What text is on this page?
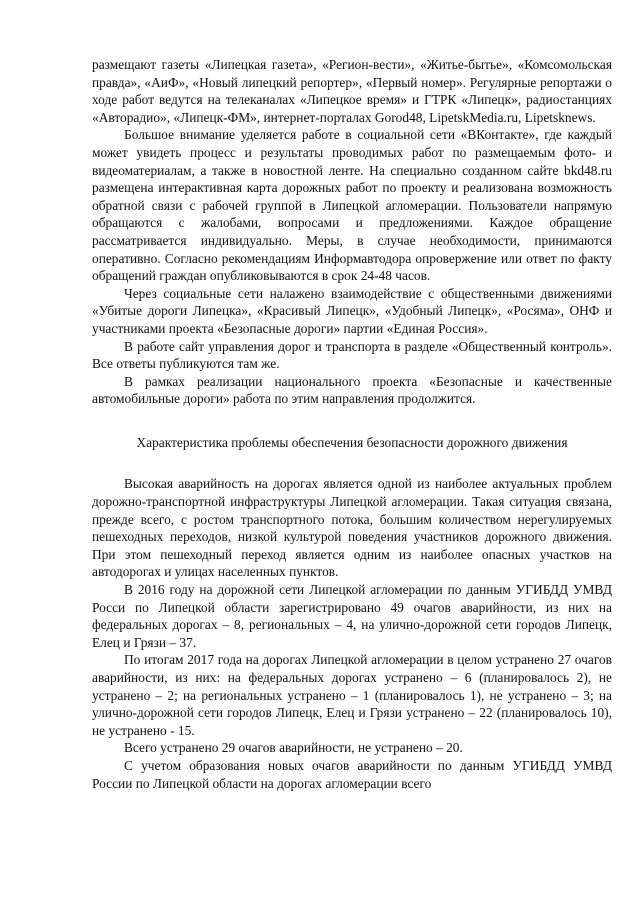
размещают газеты «Липецкая газета», «Регион-вести», «Житье-бытье», «Комсомольская правда», «АиФ», «Новый липецкий репортер», «Первый номер». Регулярные репортажи о ходе работ ведутся на телеканалах «Липецкое время» и ГТРК «Липецк», радиостанциях «Авторадио», «Липецк-ФМ», интернет-порталах Gorod48, LipetskMedia.ru, Lipetsknews.

Большое внимание уделяется работе в социальной сети «ВКонтакте», где каждый может увидеть процесс и результаты проводимых работ по размещаемым фото- и видеоматериалам, а также в новостной ленте. На специально созданном сайте bkd48.ru размещена интерактивная карта дорожных работ по проекту и реализована возможность обратной связи с рабочей группой в Липецкой агломерации. Пользователи напрямую обращаются с жалобами, вопросами и предложениями. Каждое обращение рассматривается индивидуально. Меры, в случае необходимости, принимаются оперативно. Согласно рекомендациям Информавтодора опровержение или ответ по факту обращений граждан опубликовываются в срок 24-48 часов.

Через социальные сети налажено взаимодействие с общественными движениями «Убитые дороги Липецка», «Красивый Липецк», «Удобный Липецк», «Росяма», ОНФ и участниками проекта «Безопасные дороги» партии «Единая Россия».

В работе сайт управления дорог и транспорта в разделе «Общественный контроль». Все ответы публикуются там же.

В рамках реализации национального проекта «Безопасные и качественные автомобильные дороги» работа по этим направления продолжится.

Характеристика проблемы обеспечения безопасности дорожного движения

Высокая аварийность на дорогах является одной из наиболее актуальных проблем дорожно-транспортной инфраструктуры Липецкой агломерации. Такая ситуация связана, прежде всего, с ростом транспортного потока, большим количеством нерегулируемых пешеходных переходов, низкой культурой поведения участников дорожного движения. При этом пешеходный переход является одним из наиболее опасных участков на автодорогах и улицах населенных пунктов.

В 2016 году на дорожной сети Липецкой агломерации по данным УГИБДД УМВД Росси по Липецкой области зарегистрировано 49 очагов аварийности, из них на федеральных дорогах – 8, региональных – 4, на улично-дорожной сети городов Липецк, Елец и Грязи – 37.

По итогам 2017 года на дорогах Липецкой агломерации в целом устранено 27 очагов аварийности, из них: на федеральных дорогах устранено – 6 (планировалось 2), не устранено – 2; на региональных устранено – 1 (планировалось 1), не устранено – 3; на улично-дорожной сети городов Липецк, Елец и Грязи устранено – 22 (планировалось 10), не устранено - 15.

Всего устранено 29 очагов аварийности, не устранено – 20.

С учетом образования новых очагов аварийности по данным УГИБДД УМВД России по Липецкой области на дорогах агломерации всего
